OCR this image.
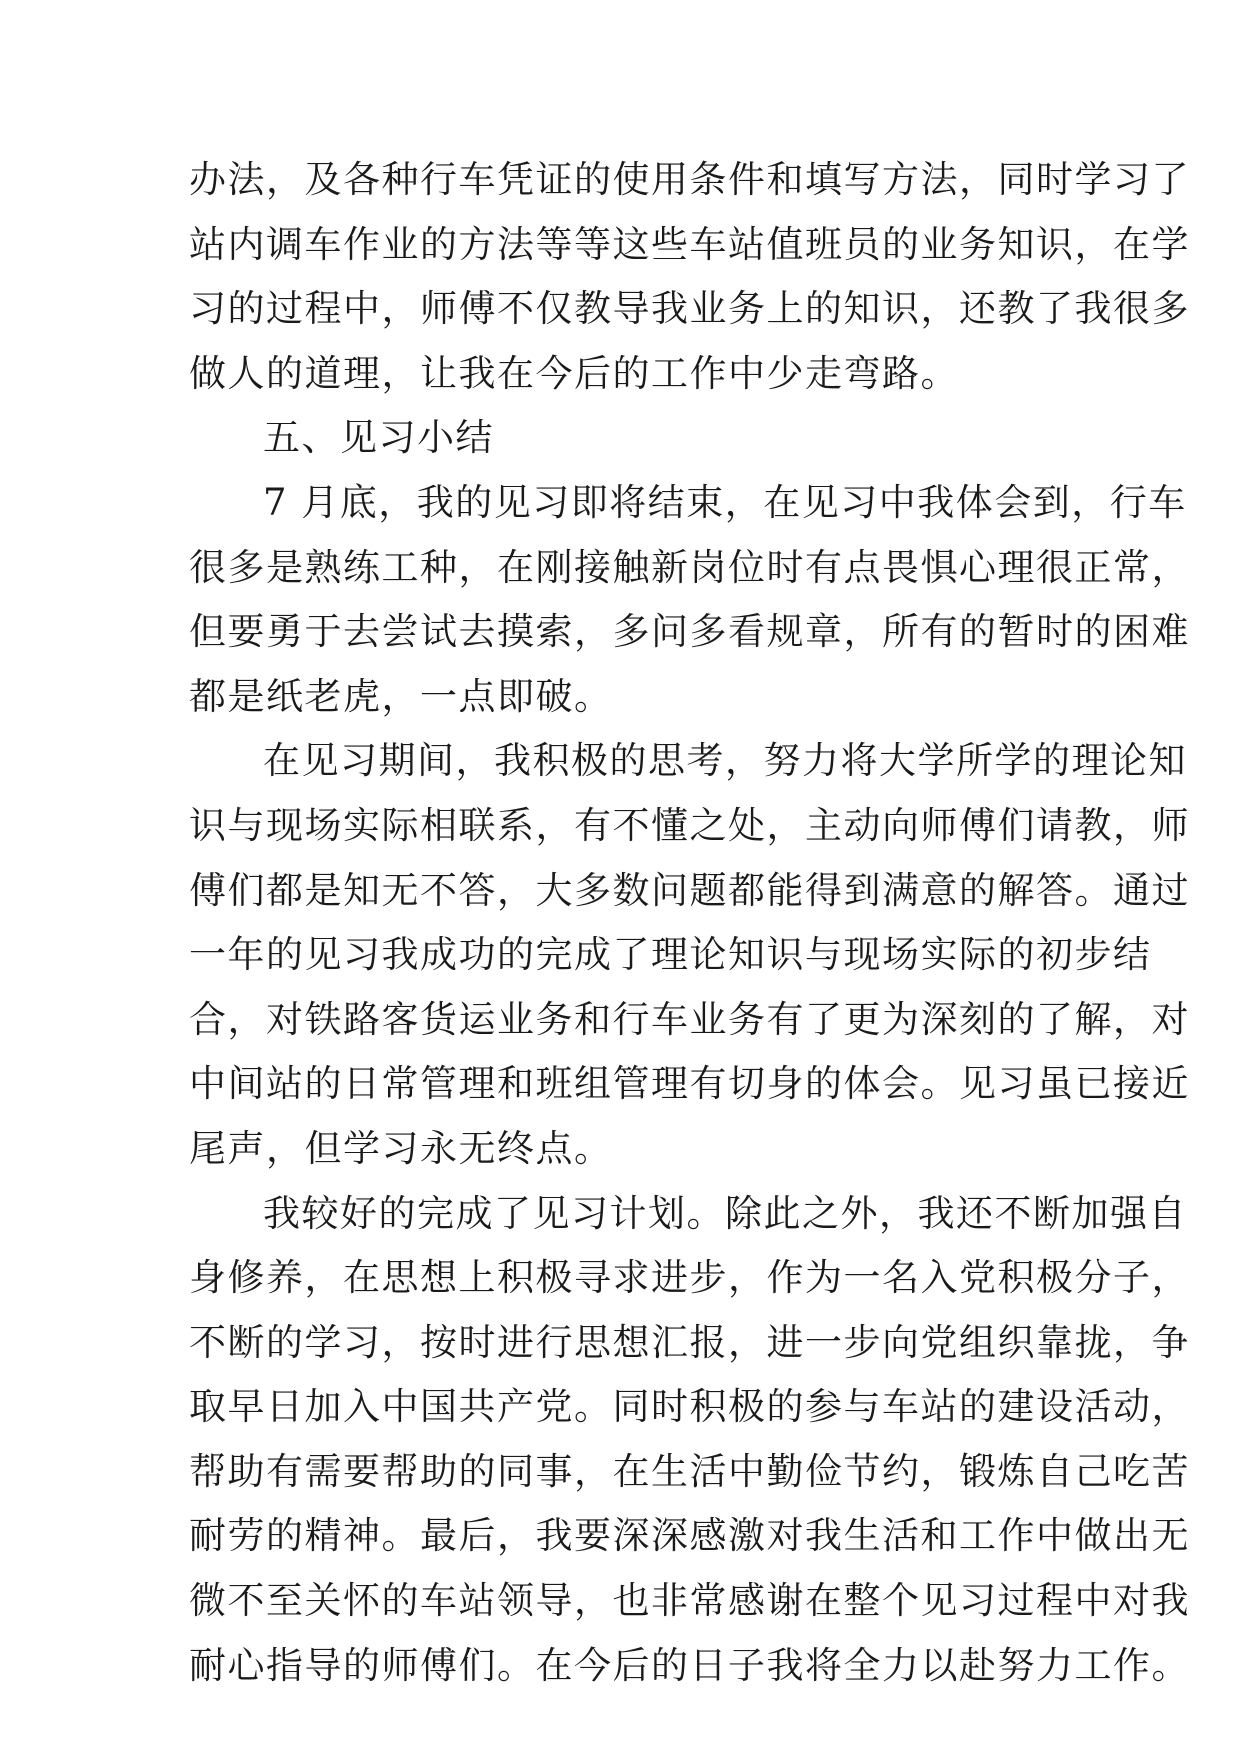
办法，及各种行车凭证的使用条件和填写方法，同时学习了
站内调车作业的方法等等这些车站值班员的业务知识，在学
习的过程中，师傅不仅教导我业务上的知识，还教了我很多
做人的道理，让我在今后的工作中少走弯路。
五、见习小结
7 月底，我的见习即将结束，在见习中我体会到，行车
很多是熟练工种，在刚接触新岗位时有点畏惧心理很正常，
但要勇于去尝试去摸索，多问多看规章，所有的暂时的困难
都是纸老虎，一点即破。
在见习期间，我积极的思考，努力将大学所学的理论知
识与现场实际相联系，有不懂之处，主动向师傅们请教，师
傅们都是知无不答，大多数问题都能得到满意的解答。通过
一年的见习我成功的完成了理论知识与现场实际的初步结
合，对铁路客货运业务和行车业务有了更为深刻的了解，对
中间站的日常管理和班组管理有切身的体会。见习虽已接近
尾声，但学习永无终点。
我较好的完成了见习计划。除此之外，我还不断加强自
身修养，在思想上积极寻求进步，作为一名入党积极分子，
不断的学习，按时进行思想汇报，进一步向党组织靠拢，争
取早日加入中国共产党。同时积极的参与车站的建设活动，
帮助有需要帮助的同事，在生活中勤俭节约，锻炼自己吃苦
耐劳的精神。最后，我要深深感激对我生活和工作中做出无
微不至关怀的车站领导，也非常感谢在整个见习过程中对我
耐心指导的师傅们。在今后的日子我将全力以赴努力工作。
